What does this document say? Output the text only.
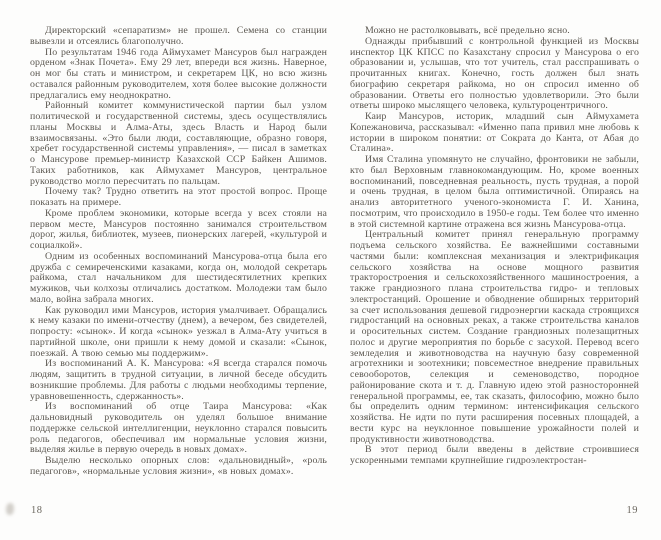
Директорский «сепаратизм» не прошел. Семена со станции вывезли и отсеялись благополучно.

По результатам 1946 года Аймухамет Мансуров был награжден орденом «Знак Почета». Ему 29 лет, впереди вся жизнь. Наверное, он мог бы стать и министром, и секретарем ЦК, но всю жизнь оставался районным руководителем, хотя более высокие должности предлагались ему неоднократно.

Районный комитет коммунистической партии был узлом политической и государственной системы, здесь осуществлялись планы Москвы и Алма-Аты, здесь Власть и Народ были взаимосвязаны. «Это были люди, составляющие, образно говоря, хребет государственной системы управления», — писал в заметках о Мансурове премьер-министр Казахской ССР Байкен Ашимов. Таких работников, как Аймухамет Мансуров, центральное руководство могло пересчитать по пальцам.

Почему так? Трудно ответить на этот простой вопрос. Проще показать на примере.

Кроме проблем экономики, которые всегда у всех стояли на первом месте, Мансуров постоянно занимался строительством дорог, жилья, библиотек, музеев, пионерских лагерей, «культурой и социалкой».

Одним из особенных воспоминаний Мансурова-отца была его дружба с семиреченскими казаками, когда он, молодой секретарь райкома, стал начальником для шестидесятилетних крепких мужиков, чьи колхозы отличались достатком. Молодежи там было мало, война забрала многих.

Как руководил ими Мансуров, история умалчивает. Обращались к нему казаки по имени-отчеству (днем), а вечером, без свидетелей, попросту: «сынок». И когда «сынок» уезжал в Алма-Ату учиться в партийной школе, они пришли к нему домой и сказали: «Сынок, поезжай. А твою семью мы поддержим».

Из воспоминаний А. К. Мансурова: «Я всегда старался помочь людям, защитить в трудной ситуации, в личной беседе обсудить возникшие проблемы. Для работы с людьми необходимы терпение, уравновешенность, сдержанность».

Из воспоминаний об отце Таира Мансурова: «Как дальновидный руководитель он уделял большое внимание поддержке сельской интеллигенции, неуклонно старался повысить роль педагогов, обеспечивал им нормальные условия жизни, выделяя жилье в первую очередь в новых домах».

Выделю несколько опорных слов: «дальновидный», «роль педагогов», «нормальные условия жизни», «в новых домах».

18

Можно не растолковывать, всё предельно ясно.

Однажды прибывший с контрольной функцией из Москвы инспектор ЦК КПСС по Казахстану спросил у Мансурова о его образовании и, услышав, что тот учитель, стал расспрашивать о прочитанных книгах. Конечно, гость должен был знать биографию секретаря райкома, но он спросил именно об образовании. Ответы его полностью удовлетворили. Это были ответы широко мыслящего человека, культуроцентричного.

Каир Мансуров, историк, младший сын Аймухамета Копежановича, рассказывал: «Именно папа привил мне любовь к истории в широком понятии: от Сократа до Канта, от Абая до Сталина».

Имя Сталина упомянуто не случайно, фронтовики не забыли, кто был Верховным главнокомандующим. Но, кроме военных воспоминаний, повседневная реальность, пусть трудная, а порой и очень трудная, в целом была оптимистичной. Опираясь на анализ авторитетного ученого-экономиста Г. И. Ханина, посмотрим, что происходило в 1950-е годы. Тем более что именно в этой системной картине отражена вся жизнь Мансурова-отца.

Центральный комитет принял генеральную программу подъема сельского хозяйства. Ее важнейшими составными частями были: комплексная механизация и электрификация сельского хозяйства на основе мощного развития тракторостроения и сельскохозяйственного машиностроения, а также грандиозного плана строительства гидро- и тепловых электростанций. Орошение и обводнение обширных территорий за счет использования дешевой гидроэнергии каскада строящихся гидростанций на основных реках, а также строительства каналов и оросительных систем. Создание грандиозных полезащитных полос и другие мероприятия по борьбе с засухой. Перевод всего земледелия и животноводства на научную базу современной агротехники и зоотехники; повсеместное внедрение правильных севооборотов, селекция и семеноводство, породное районирование скота и т. д. Главную идею этой разносторонней генеральной программы, ее, так сказать, философию, можно было бы определить одним термином: интенсификация сельского хозяйства. Не идти по пути расширения посевных площадей, а вести курс на неуклонное повышение урожайности полей и продуктивности животноводства.

В этот период были введены в действие строившиеся ускоренными темпами крупнейшие гидроэлектростан-

19
